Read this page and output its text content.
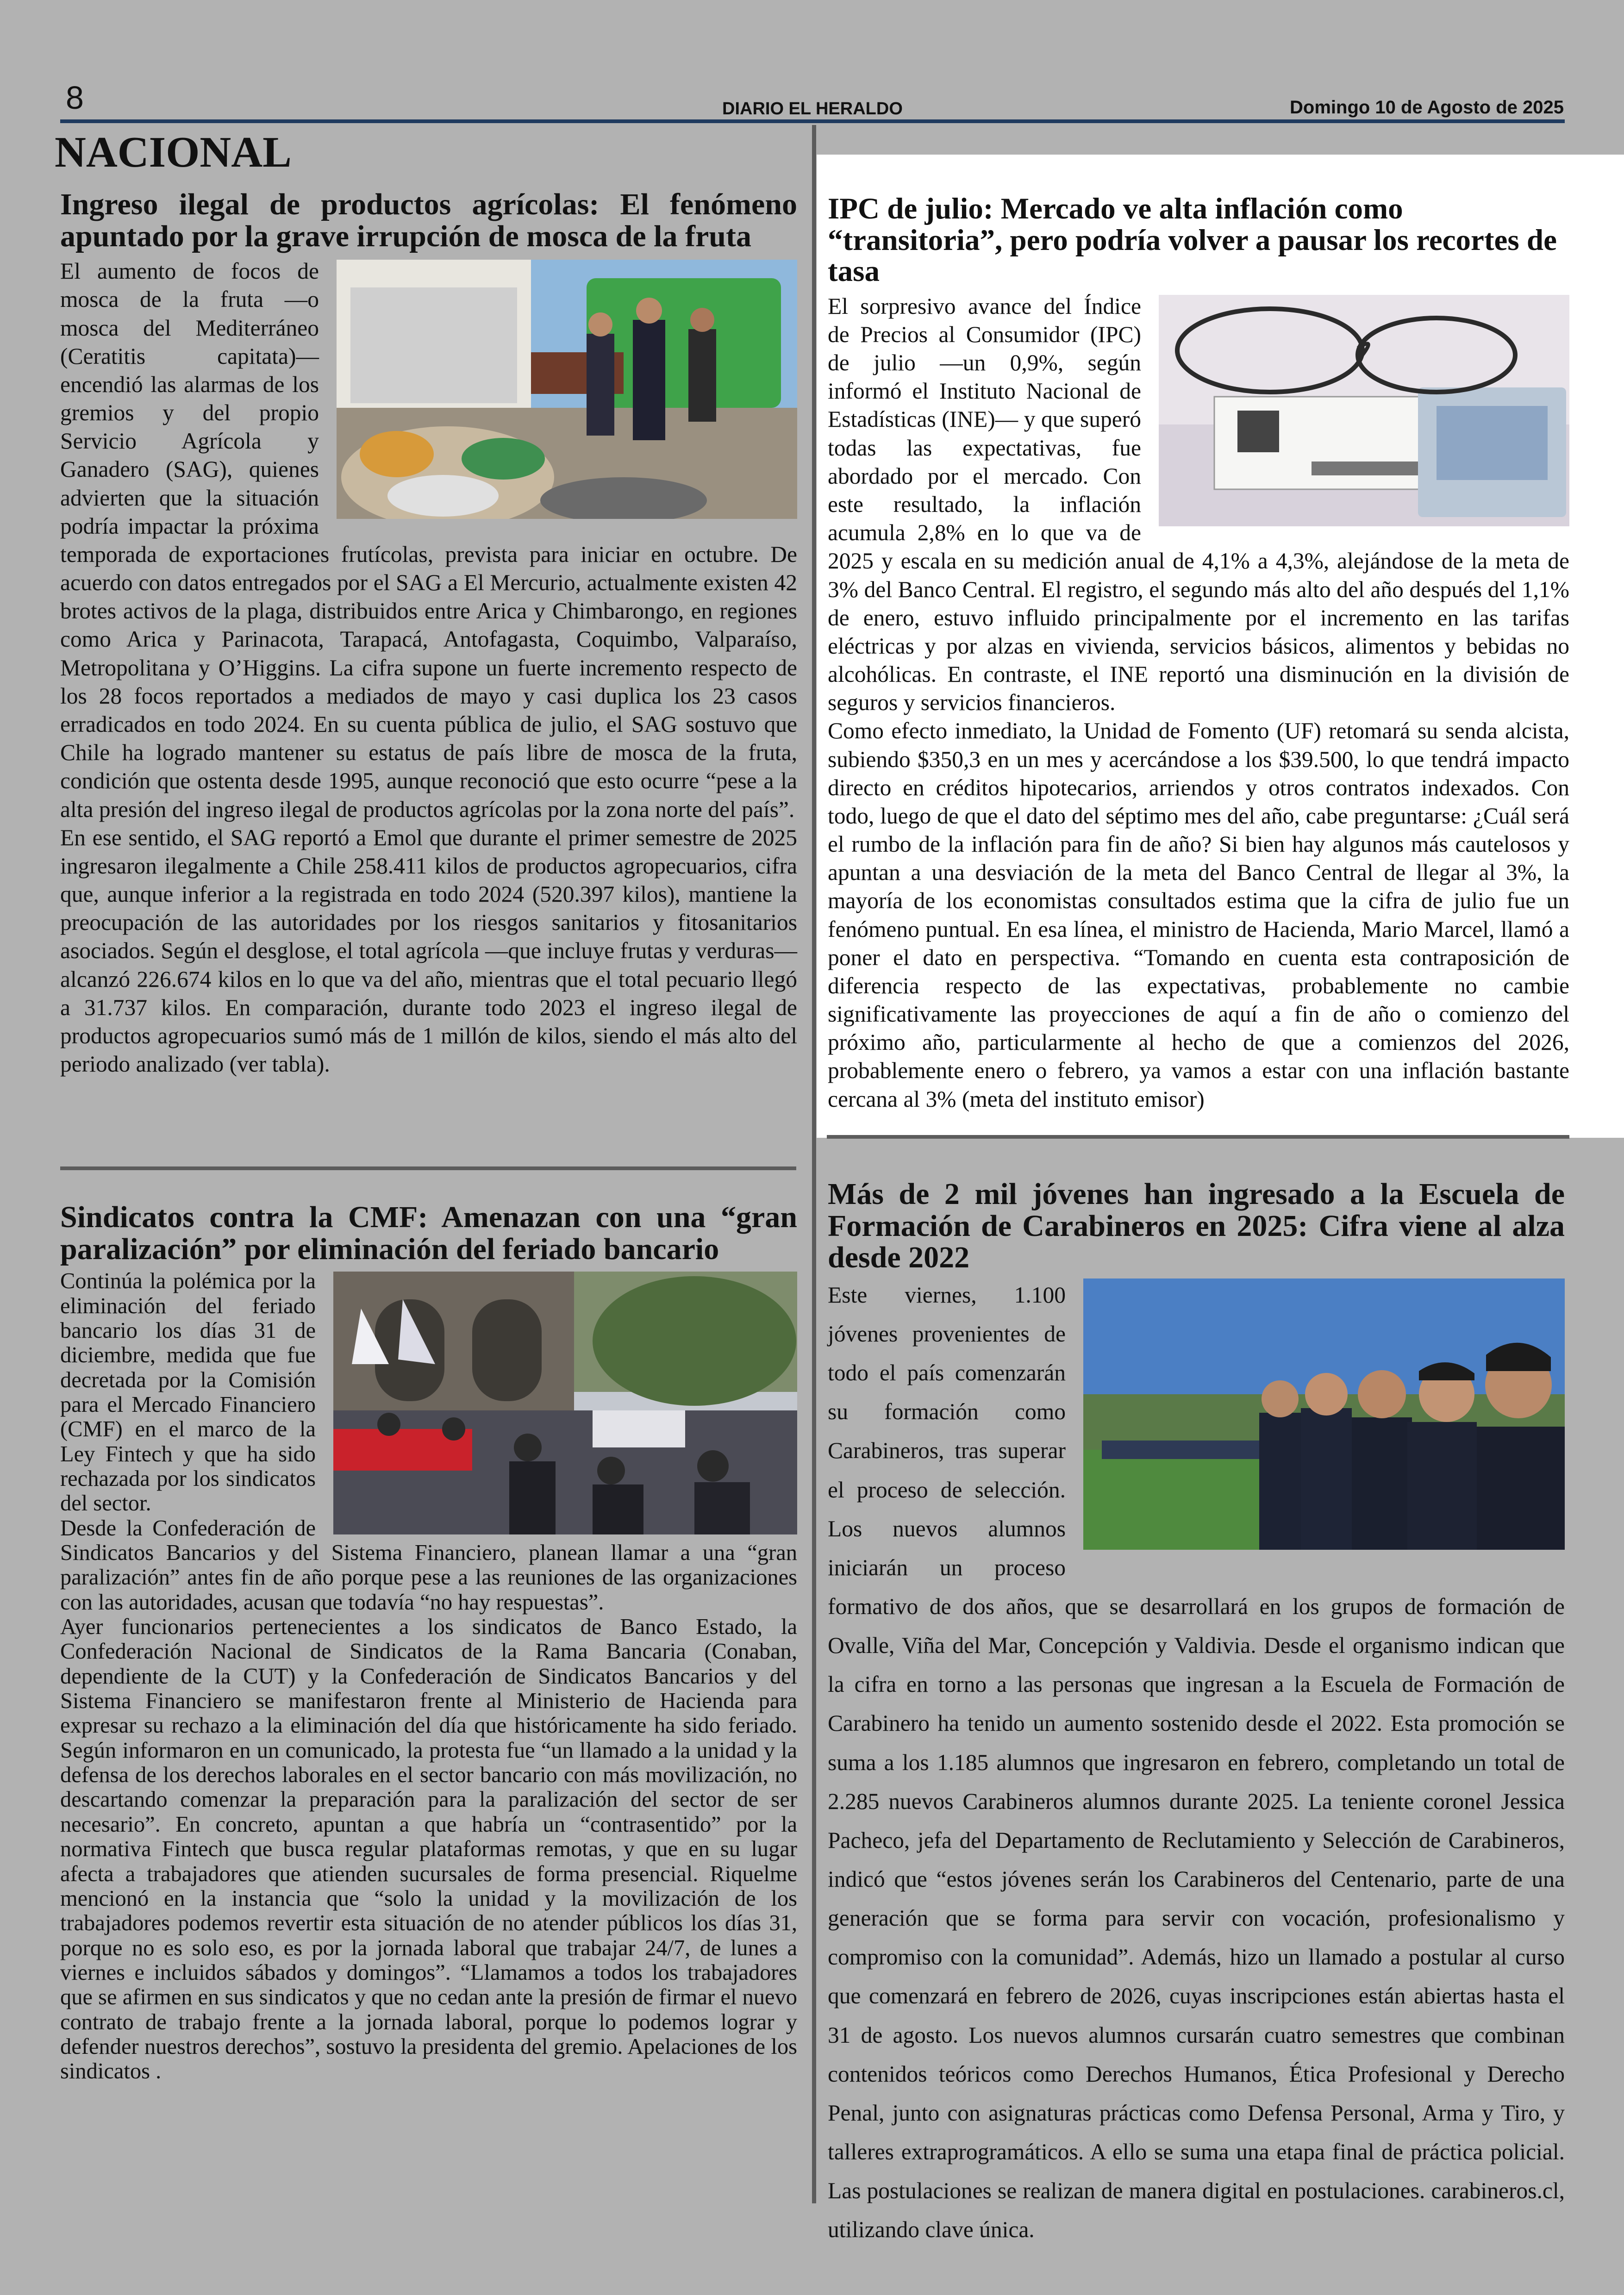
8	DIARIO EL HERALDO	Domingo 10 de Agosto de 2025
NACIONAL
Ingreso ilegal de productos agrícolas: El fenómeno apuntado por la grave irrupción de mosca de la fruta

El aumento de focos de mosca de la fruta —o mosca del Mediterráneo (Ceratitis capitata)— encendió las alarmas de los gremios y del propio Servicio Agrícola y Ganadero (SAG), quienes advierten que la situación podría impactar la próxima temporada de exportaciones frutícolas, prevista para iniciar en octubre. De acuerdo con datos entregados por el SAG a El Mercurio, actualmente existen 42 brotes activos de la plaga, distribuidos entre Arica y Chimbarongo, en regiones como Arica y Parinacota, Tarapacá, Antofagasta, Coquimbo, Valparaíso, Metropolitana y O’Higgins. La cifra supone un fuerte incremento respecto de los 28 focos reportados a mediados de mayo y casi duplica los 23 casos erradicados en todo 2024. En su cuenta pública de julio, el SAG sostuvo que Chile ha logrado mantener su estatus de país libre de mosca de la fruta, condición que ostenta desde 1995, aunque reconoció que esto ocurre “pese a la alta presión del ingreso ilegal de productos agrícolas por la zona norte del país”.

En ese sentido, el SAG reportó a Emol que durante el primer semestre de 2025 ingresaron ilegalmente a Chile 258.411 kilos de productos agropecuarios, cifra que, aunque inferior a la registrada en todo 2024 (520.397 kilos), mantiene la preocupación de las autoridades por los riesgos sanitarios y fitosanitarios asociados. Según el desglose, el total agrícola —que incluye frutas y verduras— alcanzó 226.674 kilos en lo que va del año, mientras que el total pecuario llegó a 31.737 kilos. En comparación, durante todo 2023 el ingreso ilegal de productos agropecuarios sumó más de 1 millón de kilos, siendo el más alto del periodo analizado (ver tabla).

IPC de julio: Mercado ve alta inflación como “transitoria”, pero podría volver a pausar los recortes de tasa

El sorpresivo avance del Índice de Precios al Consumidor (IPC) de julio —un 0,9%, según informó el Instituto Nacional de Estadísticas (INE)— y que superó todas las expectativas, fue abordado por el mercado. Con este resultado, la inflación acumula 2,8% en lo que va de 2025 y escala en su medición anual de 4,1% a 4,3%, alejándose de la meta de 3% del Banco Central. El registro, el segundo más alto del año después del 1,1% de enero, estuvo influido principalmente por el incremento en las tarifas eléctricas y por alzas en vivienda, servicios básicos, alimentos y bebidas no alcohólicas. En contraste, el INE reportó una disminución en la división de seguros y servicios financieros.

Como efecto inmediato, la Unidad de Fomento (UF) retomará su senda alcista, subiendo $350,3 en un mes y acercándose a los $39.500, lo que tendrá impacto directo en créditos hipotecarios, arriendos y otros contratos indexados. Con todo, luego de que el dato del séptimo mes del año, cabe preguntarse: ¿Cuál será el rumbo de la inflación para fin de año? Si bien hay algunos más cautelosos y apuntan a una desviación de la meta del Banco Central de llegar al 3%, la mayoría de los economistas consultados estima que la cifra de julio fue un fenómeno puntual. En esa línea, el ministro de Hacienda, Mario Marcel, llamó a poner el dato en perspectiva. “Tomando en cuenta esta contraposición de diferencia respecto de las expectativas, probablemente no cambie significativamente las proyecciones de aquí a fin de año o comienzo del próximo año, particularmente al hecho de que a comienzos del 2026, probablemente enero o febrero, ya vamos a estar con una inflación bastante cercana al 3% (meta del instituto emisor)

Sindicatos contra la CMF: Amenazan con una “gran paralización” por eliminación del feriado bancario

Continúa la polémica por la eliminación del feriado bancario los días 31 de diciembre, medida que fue decretada por la Comisión para el Mercado Financiero (CMF) en el marco de la Ley Fintech y que ha sido rechazada por los sindicatos del sector.

Desde la Confederación de Sindicatos Bancarios y del Sistema Financiero, planean llamar a una “gran paralización” antes fin de año porque pese a las reuniones de las organizaciones con las autoridades, acusan que todavía “no hay respuestas”.

Ayer funcionarios pertenecientes a los sindicatos de Banco Estado, la Confederación Nacional de Sindicatos de la Rama Bancaria (Conaban, dependiente de la CUT) y la Confederación de Sindicatos Bancarios y del Sistema Financiero se manifestaron frente al Ministerio de Hacienda para expresar su rechazo a la eliminación del día que históricamente ha sido feriado. Según informaron en un comunicado, la protesta fue “un llamado a la unidad y la defensa de los derechos laborales en el sector bancario con más movilización, no descartando comenzar la preparación para la paralización del sector de ser necesario”. En concreto, apuntan a que habría un “contrasentido” por la normativa Fintech que busca regular plataformas remotas, y que en su lugar afecta a trabajadores que atienden sucursales de forma presencial. Riquelme mencionó en la instancia que “solo la unidad y la movilización de los trabajadores podemos revertir esta situación de no atender públicos los días 31, porque no es solo eso, es por la jornada laboral que trabajar 24/7, de lunes a viernes e incluidos sábados y domingos”. “Llamamos a todos los trabajadores que se afirmen en sus sindicatos y que no cedan ante la presión de firmar el nuevo contrato de trabajo frente a la jornada laboral, porque lo podemos lograr y defender nuestros derechos”, sostuvo la presidenta del gremio. Apelaciones de los sindicatos .

Más de 2 mil jóvenes han ingresado a la Escuela de Formación de Carabineros en 2025: Cifra viene al alza desde 2022

Este viernes, 1.100 jóvenes provenientes de todo el país comenzarán su formación como Carabineros, tras superar el proceso de selección. Los nuevos alumnos iniciarán un proceso formativo de dos años, que se desarrollará en los grupos de formación de Ovalle, Viña del Mar, Concepción y Valdivia. Desde el organismo indican que la cifra en torno a las personas que ingresan a la Escuela de Formación de Carabinero ha tenido un aumento sostenido desde el 2022. Esta promoción se suma a los 1.185 alumnos que ingresaron en febrero, completando un total de 2.285 nuevos Carabineros alumnos durante 2025. La teniente coronel Jessica Pacheco, jefa del Departamento de Reclutamiento y Selección de Carabineros, indicó que “estos jóvenes serán los Carabineros del Centenario, parte de una generación que se forma para servir con vocación, profesionalismo y compromiso con la comunidad”. Además, hizo un llamado a postular al curso que comenzará en febrero de 2026, cuyas inscripciones están abiertas hasta el 31 de agosto. Los nuevos alumnos cursarán cuatro semestres que combinan contenidos teóricos como Derechos Humanos, Ética Profesional y Derecho Penal, junto con asignaturas prácticas como Defensa Personal, Arma y Tiro, y talleres extraprogramáticos. A ello se suma una etapa final de práctica policial. Las postulaciones se realizan de manera digital en postulaciones. carabineros.cl, utilizando clave única.
